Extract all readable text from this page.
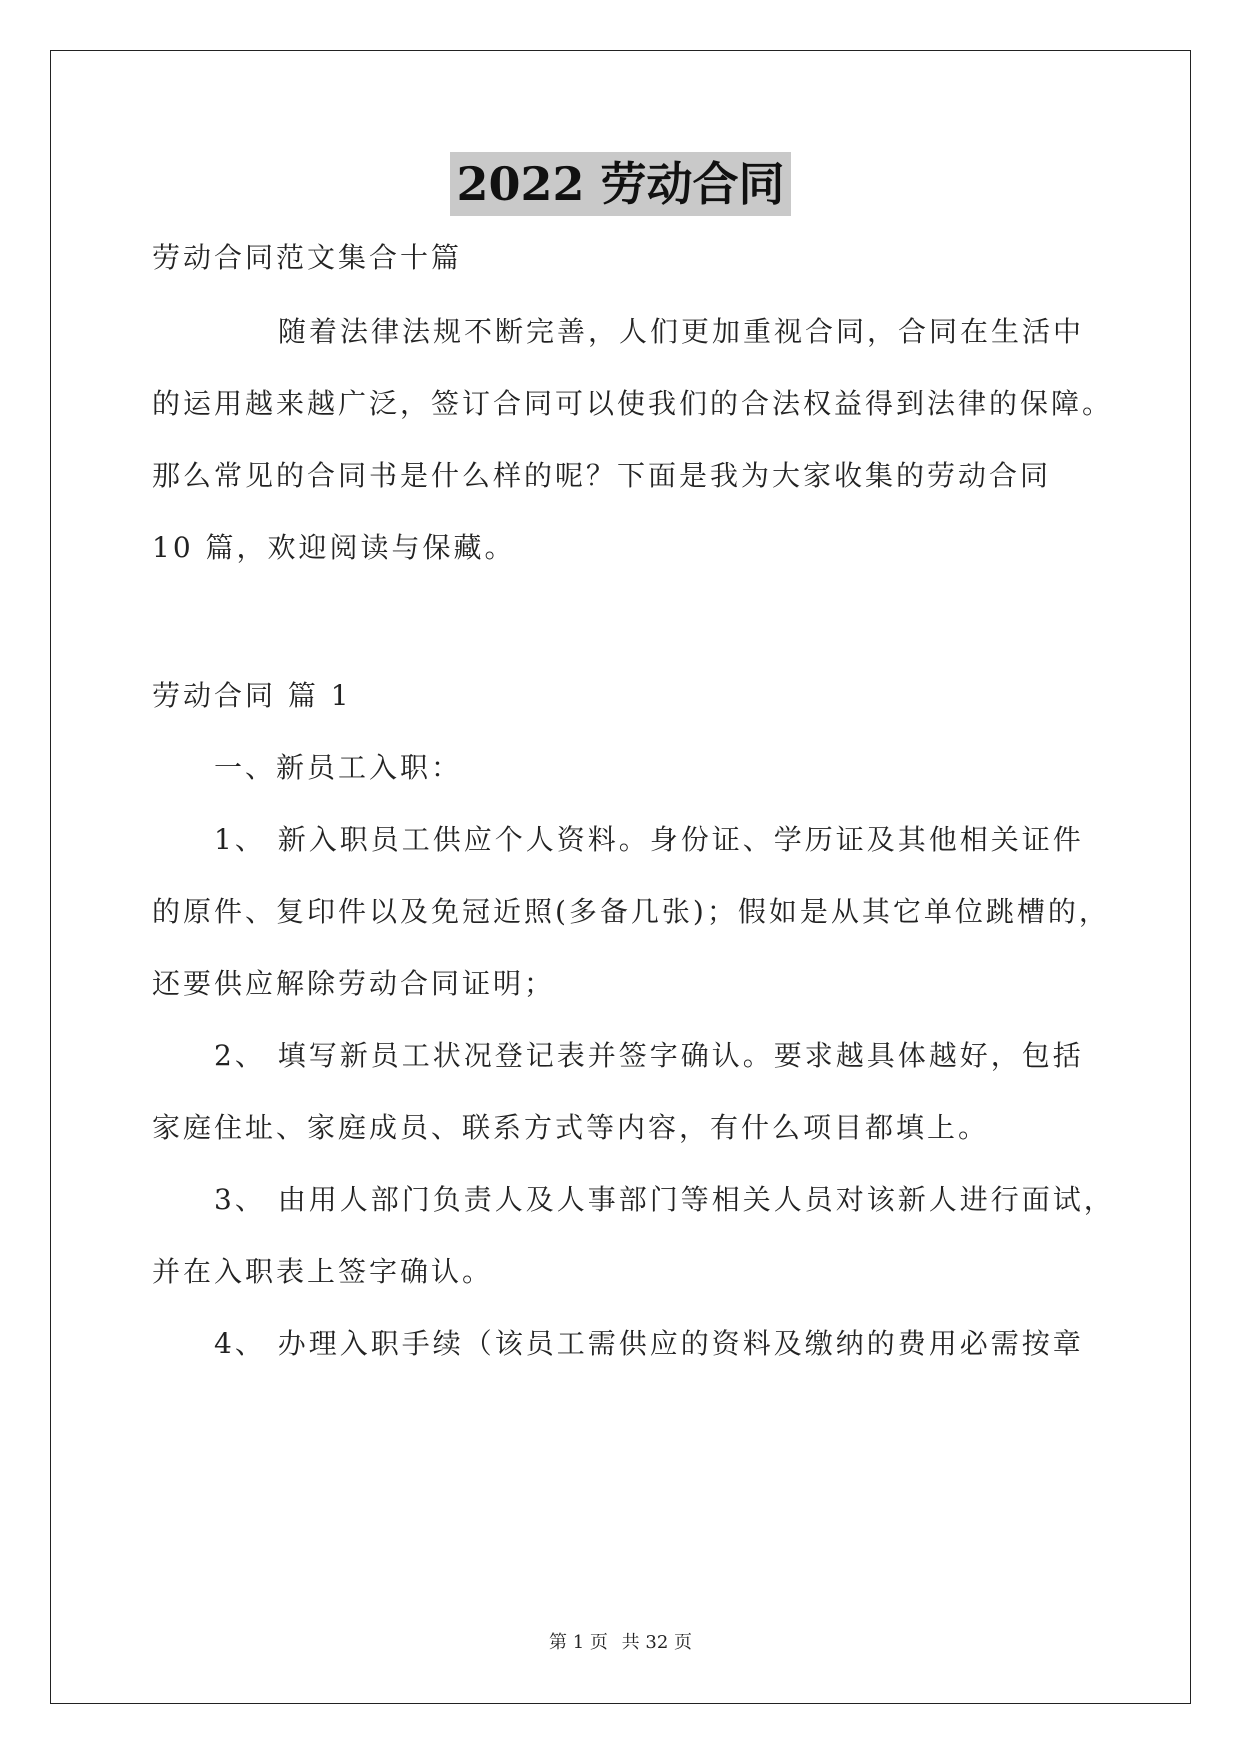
2022 劳动合同
劳动合同范文集合十篇
随着法律法规不断完善，人们更加重视合同，合同在生活中
的运用越来越广泛，签订合同可以使我们的合法权益得到法律的保障。
那么常见的合同书是什么样的呢？下面是我为大家收集的劳动合同
10 篇，欢迎阅读与保藏。
劳动合同 篇 1
一、新员工入职：
1、 新入职员工供应个人资料。身份证、学历证及其他相关证件
的原件、复印件以及免冠近照(多备几张)；假如是从其它单位跳槽的，
还要供应解除劳动合同证明；
2、 填写新员工状况登记表并签字确认。要求越具体越好，包括
家庭住址、家庭成员、联系方式等内容，有什么项目都填上。
3、 由用人部门负责人及人事部门等相关人员对该新人进行面试，
并在入职表上签字确认。
4、 办理入职手续（该员工需供应的资料及缴纳的费用必需按章
第 1 页 共 32 页
